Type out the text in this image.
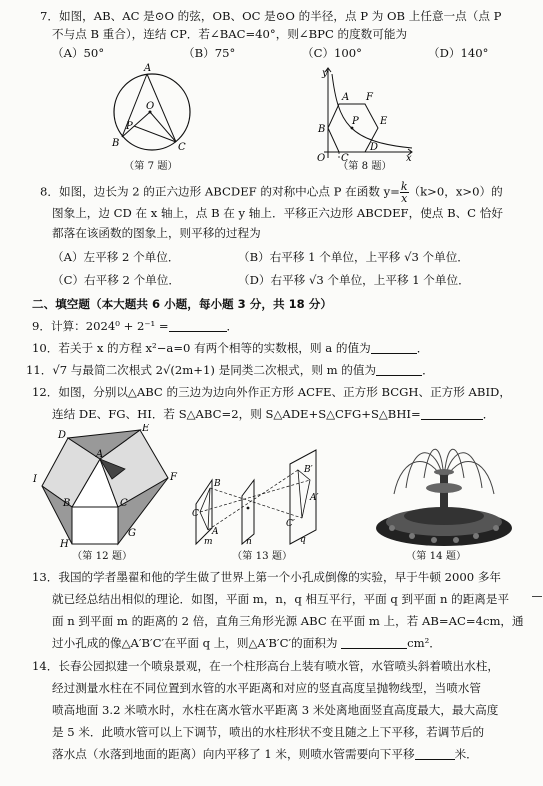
7．如图，AB、AC 是⊙O 的弦，OB、OC 是⊙O 的半径，点 P 为 OB 上任意一点（点 P
不与点 B 重合），连结 CP．若∠BAC=40°，则∠BPC 的度数可能为
（A）50°	（B）75°	（C）100°	（D）140°
A
O
P
B	C
（第 7 题）
y
F
E
B
P
D
C
O	x
A
（第 8 题）
8．如图，边长为 2 的正六边形 ABCDEF 的对称中心点 P 在函数 $y= \frac{k}{x} (k>0$，x>0）的
图象上，边 CD 在 x 轴上，点 B 在 y 轴上．平移正六边形 ABCDEF，使点 B、C 恰好
都落在该函数的图象上，则平移的过程为
（A）左平移 2 个单位．	（B）右平移 1 个单位，上平移 √3 个单位．
（C）右平移 2 个单位．	（D）右平移 √3 个单位，上平移 1 个单位．
二、填空题（本大题共 6 小题，每小题 3 分，共 18 分）
9．计算：2024⁰ + 2⁻¹ =	．
10．若关于 x 的方程 x²−a=0 有两个相等的实数根，则 a 的值为	．
11．√7 与最简二次根式 2√(2m+1) 是同类二次根式，则 m 的值为	．
12．如图，分别以△ABC 的三边为边向外作正方形 ACFE、正方形 BCGH、正方形 ABID，
连结 DE、FG、HI．若 S△ABC=2，则 S△ADE+S△CFG+S△BHI=	．
D
E
I
A
F
B	C
G
H
（第 12 题）
B
C
A
B′
A′
C′
m	n	q
（第 13 题）	（第 14 题）
13．我国的学者墨翟和他的学生做了世界上第一个小孔成倒像的实验，早于牛顿 2000 多年
就已经总结出相似的理论．如图，平面 m，n，q 相互平行，平面 q 到平面 n 的距离是平
面 n 到平面 m 的距离的 2 倍，直角三角形光源 ABC 在平面 m 上，若 AB=AC=4cm，通
过小孔成的像△A′B′C′在平面 q 上，则△A′B′C′的面积为	cm²．
14．长春公园拟建一个喷泉景观，在一个柱形高台上装有喷水管，水管喷头斜着喷出水柱，
经过测量水柱在不同位置到水管的水平距离和对应的竖直高度呈抛物线型，当喷水管
喷高地面 3.2 米喷水时，水柱在离水管水平距离 3 米处离地面竖直高度最大，最大高度
是 5 米．此喷水管可以上下调节，喷出的水柱形状不变且随之上下平移，若调节后的
落水点（水落到地面的距离）向内平移了 1 米，则喷水管需要向下平移	米．
